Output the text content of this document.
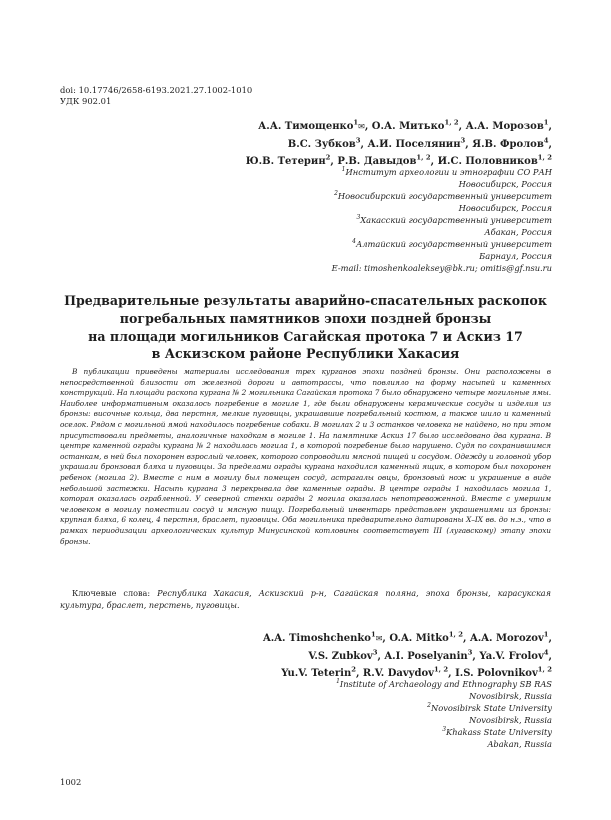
doi: 10.17746/2658-6193.2021.27.1002-1010
УДК 902.01
А.А. Тимощенко$^1$✉, О.А. Митько$^{1, 2}$, А.А. Морозов$^1$,
В.С. Зубков$^3$, А.И. Поселянин$^3$, Я.В. Фролов$^4$,
Ю.В. Тетерин$^2$, Р.В. Давыдов$^{1, 2}$, И.С. Половников$^{1, 2}$
$^1$Институт археологии и этнографии СО РАН
Новосибирск, Россия
$^2$Новосибирский государственный университет
Новосибирск, Россия
$^3$Хакасский государственный университет
Абакан, Россия
$^4$Алтайский государственный университет
Барнаул, Россия
E-mail: timoshenkoaleksey@bk.ru; omitis@gf.nsu.ru
Предварительные результаты аварийно-спасательных раскопок
погребальных памятников эпохи поздней бронзы
на площади могильников Сагайская протока 7 и Аскиз 17
в Аскизском районе Республики Хакасия
В публикации приведены материалы исследования трех курганов эпохи поздней бронзы. Они расположены в непосредственной близости от железной дороги и автотрассы, что повлияло на форму насыпей и каменных конструкций. На площади раскопа кургана № 2 могильника Сагайская протока 7 было обнаружено четыре могильные ямы. Наиболее информативным оказалось погребение в могиле 1, где были обнаружены керамические сосуды и изделия из бронзы: височные кольца, два перстня, мелкие пуговицы, украшавшие погребальный костюм, а также шило и каменный оселок. Рядом с могильной ямой находилось погребение собаки. В могилах 2 и 3 останков человека не найдено, но при этом присутствовали предметы, аналогичные находкам в могиле 1. На памятнике Аскиз 17 было исследовано два кургана. В центре каменной ограды кургана № 2 находилась могила 1, в которой погребение было нарушено. Судя по сохранившимся останкам, в ней был похоронен взрослый человек, которого сопроводили мясной пищей и сосудом. Одежду и головной убор украшали бронзовая бляха и пуговицы. За пределами ограды кургана находился каменный ящик, в котором был похоронен ребенок (могила 2). Вместе с ним в могилу был помещен сосуд, астрагалы овцы, бронзовый нож и украшение в виде небольшой застежки. Насыпь кургана 3 перекрывала две каменные ограды. В центре ограды 1 находилась могила 1, которая оказалась ограбленной. У северной стенки ограды 2 могила оказалась непотревоженной. Вместе с умершим человеком в могилу поместили сосуд и мясную пищу. Погребальный инвентарь представлен украшениями из бронзы: крупная бляха, 6 колец, 4 перстня, браслет, пуговицы. Оба могильника предварительно датированы X–IX вв. до н.э., что в рамках периодизации археологических культур Минусинской котловины соответствует III (лугавскому) этапу эпохи бронзы.
Ключевые слова: Республика Хакасия, Аскизский р-н, Сагайская поляна, эпоха бронзы, карасукская культура, браслет, перстень, пуговицы.
A.A. Timoshchenko$^1$✉, O.A. Mitko$^{1, 2}$, A.A. Morozov$^1$,
V.S. Zubkov$^3$, A.I. Poselyanin$^3$, Ya.V. Frolov$^4$,
Yu.V. Teterin$^2$, R.V. Davydov$^{1, 2}$, I.S. Polovnikov$^{1, 2}$
$^1$Institute of Archaeology and Ethnography SB RAS
Novosibirsk, Russia
$^2$Novosibirsk State University
Novosibirsk, Russia
$^3$Khakass State University
Abakan, Russia
1002
